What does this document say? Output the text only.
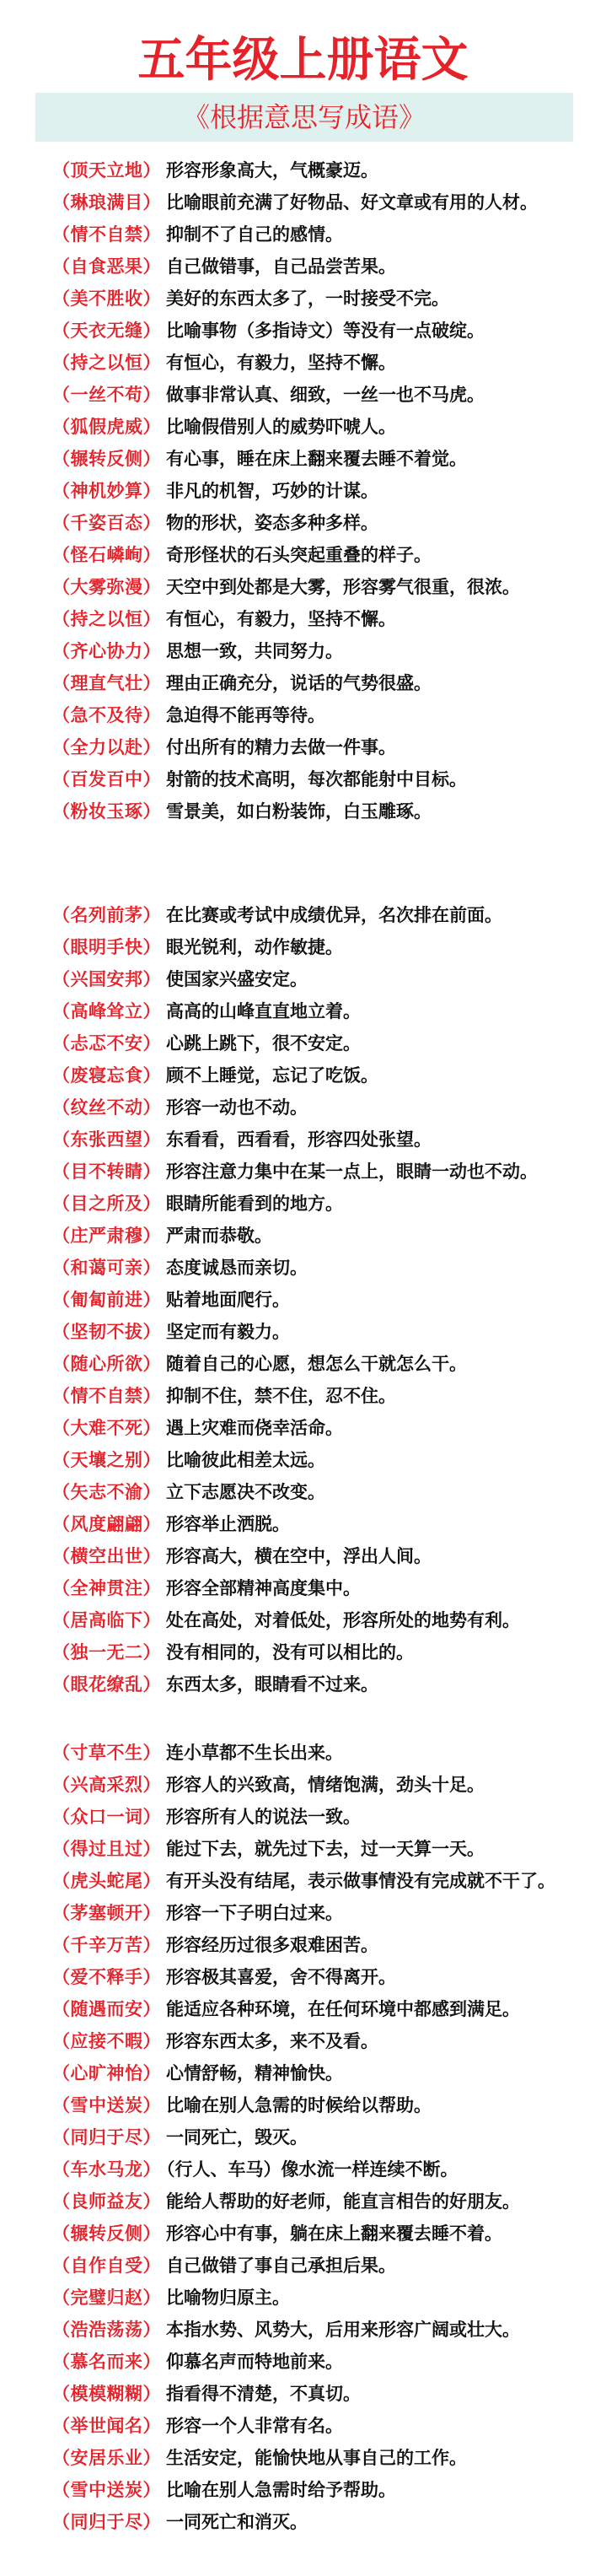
五年级上册语文
《根据意思写成语》
（顶天立地） 形容形象高大，气概豪迈。
（琳琅满目） 比喻眼前充满了好物品、好文章或有用的人材。
（情不自禁） 抑制不了自己的感情。
（自食恶果） 自己做错事，自己品尝苦果。
（美不胜收） 美好的东西太多了，一时接受不完。
（天衣无缝） 比喻事物（多指诗文）等没有一点破绽。
（持之以恒） 有恒心，有毅力，坚持不懈。
（一丝不苟） 做事非常认真、细致，一丝一也不马虎。
（狐假虎威） 比喻假借别人的威势吓唬人。
（辗转反侧） 有心事，睡在床上翻来覆去睡不着觉。
（神机妙算） 非凡的机智，巧妙的计谋。
（千姿百态） 物的形状，姿态多种多样。
（怪石嶙峋） 奇形怪状的石头突起重叠的样子。
（大雾弥漫） 天空中到处都是大雾，形容雾气很重，很浓。
（持之以恒） 有恒心，有毅力，坚持不懈。
（齐心协力） 思想一致，共同努力。
（理直气壮） 理由正确充分，说话的气势很盛。
（急不及待） 急迫得不能再等待。
（全力以赴） 付出所有的精力去做一件事。
（百发百中） 射箭的技术高明，每次都能射中目标。
（粉妆玉琢） 雪景美，如白粉装饰，白玉雕琢。
（名列前茅） 在比赛或考试中成绩优异，名次排在前面。
（眼明手快） 眼光锐利，动作敏捷。
（兴国安邦） 使国家兴盛安定。
（高峰耸立） 高高的山峰直直地立着。
（忐忑不安） 心跳上跳下，很不安定。
（废寝忘食） 顾不上睡觉，忘记了吃饭。
（纹丝不动） 形容一动也不动。
（东张西望） 东看看，西看看，形容四处张望。
（目不转睛） 形容注意力集中在某一点上，眼睛一动也不动。
（目之所及） 眼睛所能看到的地方。
（庄严肃穆） 严肃而恭敬。
（和蔼可亲） 态度诚恳而亲切。
（匍匐前进） 贴着地面爬行。
（坚韧不拔） 坚定而有毅力。
（随心所欲） 随着自己的心愿，想怎么干就怎么干。
（情不自禁） 抑制不住，禁不住，忍不住。
（大难不死） 遇上灾难而侥幸活命。
（天壤之别） 比喻彼此相差太远。
（矢志不渝） 立下志愿决不改变。
（风度翩翩） 形容举止洒脱。
（横空出世） 形容高大，横在空中，浮出人间。
（全神贯注） 形容全部精神高度集中。
（居高临下） 处在高处，对着低处，形容所处的地势有利。
（独一无二） 没有相同的，没有可以相比的。
（眼花缭乱） 东西太多，眼睛看不过来。
（寸草不生） 连小草都不生长出来。
（兴高采烈） 形容人的兴致高，情绪饱满，劲头十足。
（众口一词） 形容所有人的说法一致。
（得过且过） 能过下去，就先过下去，过一天算一天。
（虎头蛇尾） 有开头没有结尾，表示做事情没有完成就不干了。
（茅塞顿开） 形容一下子明白过来。
（千辛万苦） 形容经历过很多艰难困苦。
（爱不释手） 形容极其喜爱，舍不得离开。
（随遇而安） 能适应各种环境，在任何环境中都感到满足。
（应接不暇） 形容东西太多，来不及看。
（心旷神怡） 心情舒畅，精神愉快。
（雪中送炭） 比喻在别人急需的时候给以帮助。
（同归于尽） 一同死亡，毁灭。
（车水马龙） （行人、车马）像水流一样连续不断。
（良师益友） 能给人帮助的好老师，能直言相告的好朋友。
（辗转反侧） 形容心中有事，躺在床上翻来覆去睡不着。
（自作自受） 自己做错了事自己承担后果。
（完璧归赵） 比喻物归原主。
（浩浩荡荡） 本指水势、风势大，后用来形容广阔或壮大。
（慕名而来） 仰慕名声而特地前来。
（模模糊糊） 指看得不清楚，不真切。
（举世闻名） 形容一个人非常有名。
（安居乐业） 生活安定，能愉快地从事自己的工作。
（雪中送炭） 比喻在别人急需时给予帮助。
（同归于尽） 一同死亡和消灭。
